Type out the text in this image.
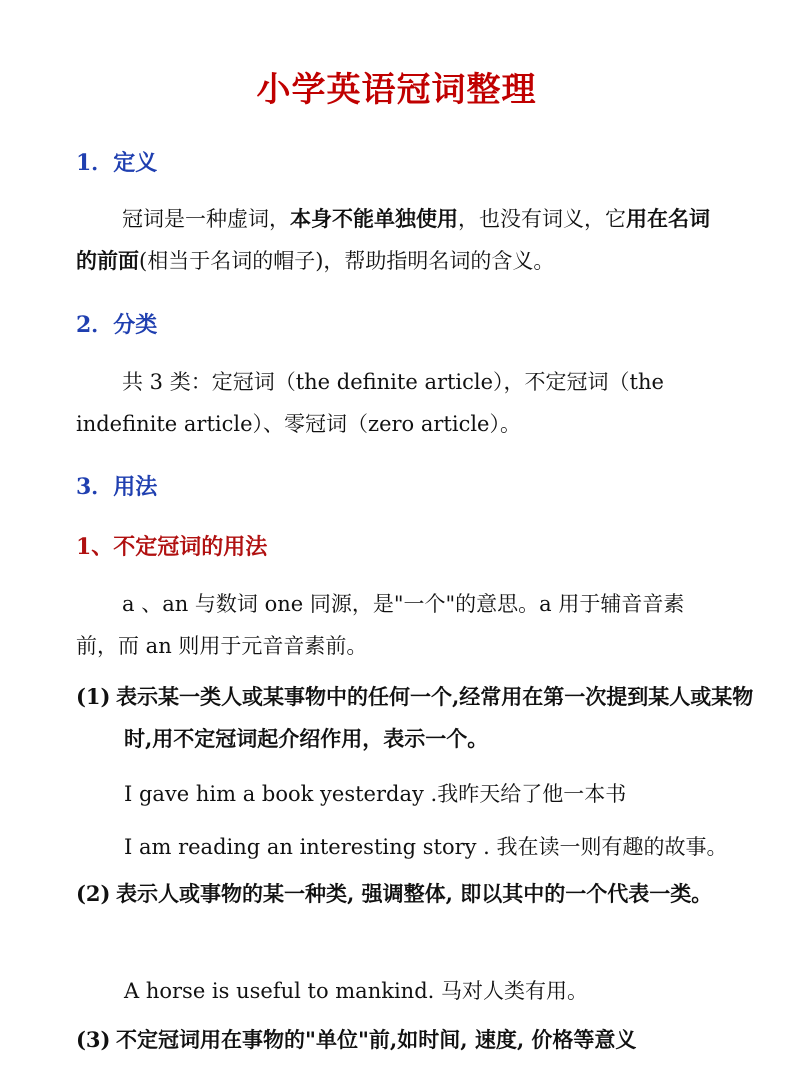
小学英语冠词整理
1．定义

冠词是一种虚词，本身不能单独使用，也没有词义，它用在名词的前面(相当于名词的帽子)，帮助指明名词的含义。

2．分类

共 3 类：定冠词（the definite article），不定冠词（the indefinite article）、零冠词（zero article）。

3．用法
1、不定冠词的用法

a 、an 与数词 one 同源，是"一个"的意思。a 用于辅音音素前，而 an 则用于元音音素前。

(1) 表示某一类人或某事物中的任何一个,经常用在第一次提到某人或某物时,用不定冠词起介绍作用，表示一个。

I gave him a book yesterday .我昨天给了他一本书
I am reading an interesting story . 我在读一则有趣的故事。

(2) 表示人或事物的某一种类, 强调整体, 即以其中的一个代表一类。

A horse is useful to mankind. 马对人类有用。

(3) 不定冠词用在事物的"单位"前,如时间, 速度, 价格等意义
